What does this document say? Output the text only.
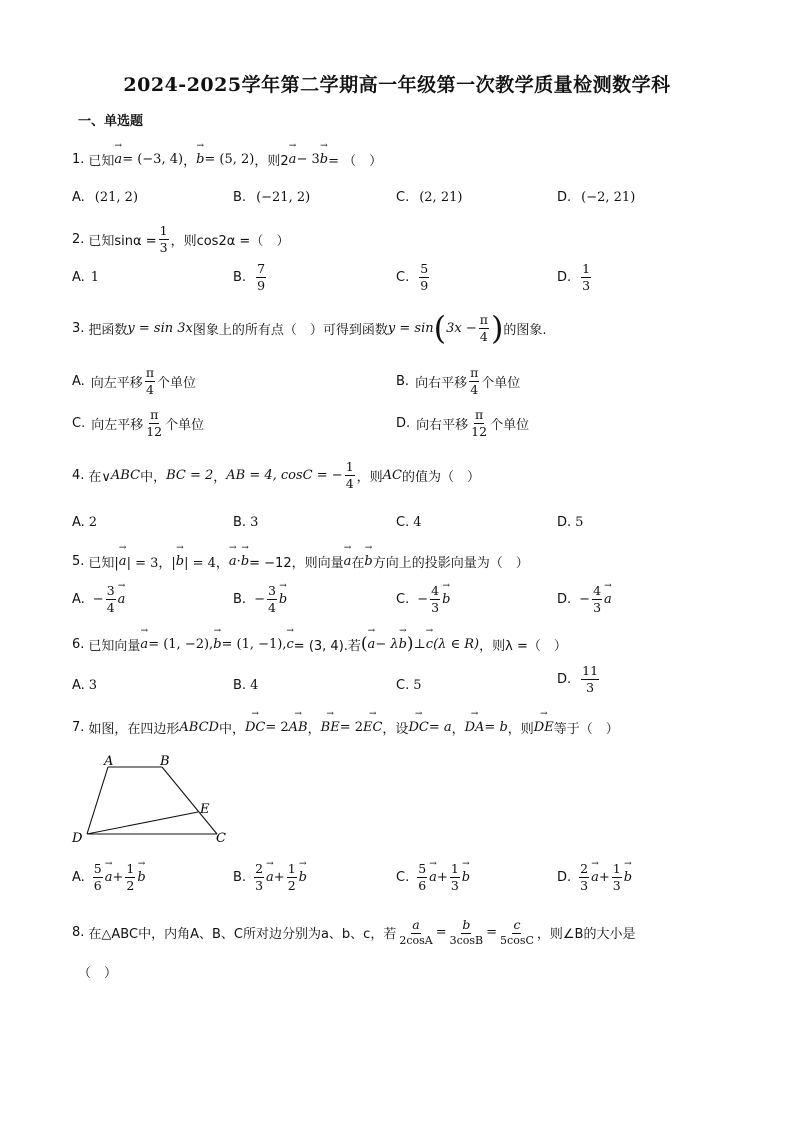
2024-2025学年第二学期高一年级第一次教学质量检测数学科
一、单选题
1. 已知
→ a = (−3, 4) ，
→ b = (5, 2) ，则2
→ a − 3
→ b = （　）
A. (21, 2)	B. (−21, 2)	C. (2, 21)	D. (−2, 21)
2. 已知$\sin\alpha = \frac{1}{3}$ ，则cos2α =（　）
A. 1	B. $\frac{7}{9}$	C. $\frac{5}{9}$	D. $\frac{1}{3}$
3. 把函数 y = sin 3x 图象上的所有点（　）可得到函数 y = sin ( $3x - \frac{\pi}{4}$ ) 的图象.
A. 向左平移 $\frac{\pi}{4}$ 个单位	B. 向右平移 $\frac{\pi}{4}$ 个单位
C. 向左平移 $\frac{\pi}{12}$ 个单位	D. 向右平移 $\frac{\pi}{12}$ 个单位
4. 在∨ ABC 中， BC = 2 ， AB = 4, cosC = − $\frac{1}{4}$ ，则 AC 的值为（　）
A. 2	B. 3	C. 4	D. 5
5. 已知|
→ a | = 3，|
→ b | = 4，
→ a ·
→ b = −12，则向量
→ a 在
→ b 方向上的投影向量为（　）
A. − $\frac{3}{4}$
→ a	B. − $\frac{3}{4}$
→ b	C. − $\frac{4}{3}$
→ b	D. − $\frac{4}{3}$
→ a
6. 已知向量
→ a = (1, −2),
→ b = (1, −1),
→ c = (3, 4).若 (
→ a − λ
→ b ) ⊥
→ c (λ ∈ R) ，则λ =（　）
A. 3	B. 4	C. 5	D. $\frac{11}{3}$
7. 如图，在四边形 ABCD 中，
→ DC = 2
→ AB ，
→ BE = 2
→ EC ，设
→ DC = a ，
→ DA = b ，则
→ DE 等于（　）
A	B
D	C
E
A. $\frac{5}{6}$
→ $a + \frac{1}{2}$
→ b	B. $\frac{2}{3}$
→ $a + \frac{1}{2}$
→ b	C. $\frac{5}{6}$
→ $a + \frac{1}{3}$
→ b	D. $\frac{2}{3}$
→ $a + \frac{1}{3}$
→ b
8. 在△ABC中，内角A、B、C所对边分别为a、b、c，若 $\frac{a}{2\cos A} = \frac{b}{3\cos B} = \frac{c}{5\cos C}$ ，则∠B的大小是
（　）
